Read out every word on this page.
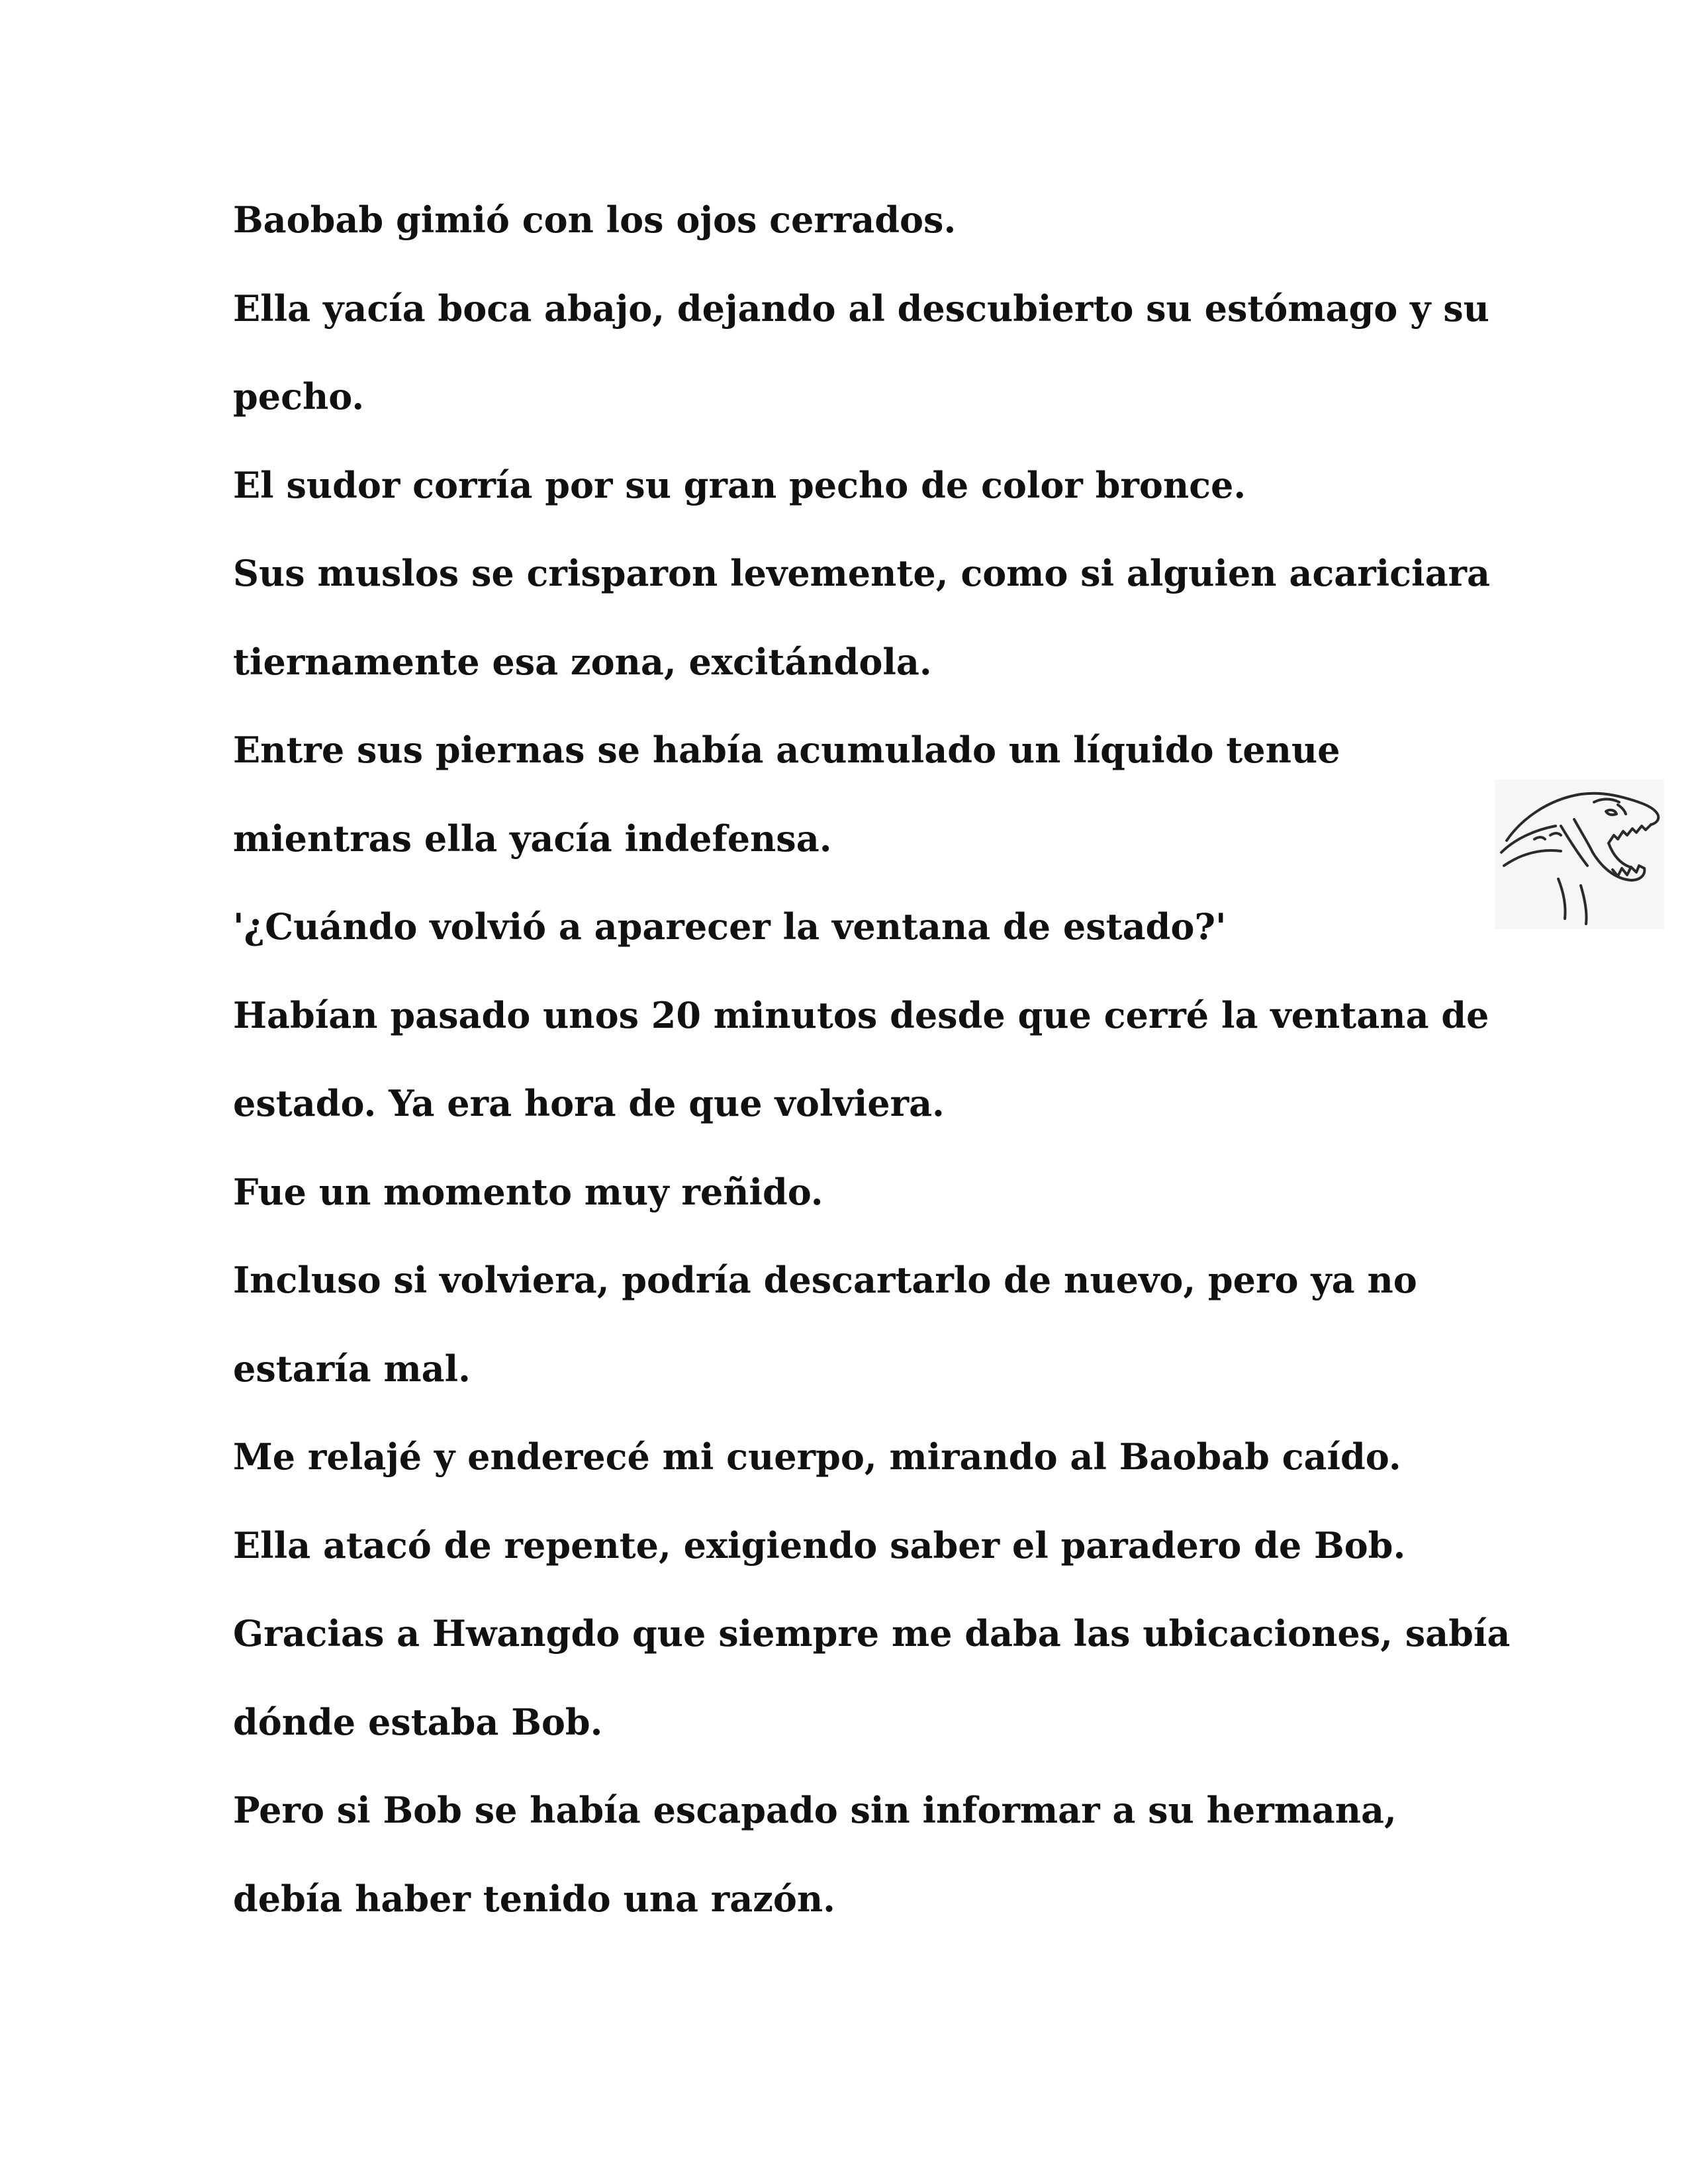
Baobab gimió con los ojos cerrados.
Ella yacía boca abajo, dejando al descubierto su estómago y su
pecho.
El sudor corría por su gran pecho de color bronce.
Sus muslos se crisparon levemente, como si alguien acariciara
tiernamente esa zona, excitándola.
Entre sus piernas se había acumulado un líquido tenue
mientras ella yacía indefensa.
'¿Cuándo volvió a aparecer la ventana de estado?'
Habían pasado unos 20 minutos desde que cerré la ventana de
estado. Ya era hora de que volviera.
Fue un momento muy reñido.
Incluso si volviera, podría descartarlo de nuevo, pero ya no
estaría mal.
Me relajé y enderecé mi cuerpo, mirando al Baobab caído.
Ella atacó de repente, exigiendo saber el paradero de Bob.
Gracias a Hwangdo que siempre me daba las ubicaciones, sabía
dónde estaba Bob.
Pero si Bob se había escapado sin informar a su hermana,
debía haber tenido una razón.
